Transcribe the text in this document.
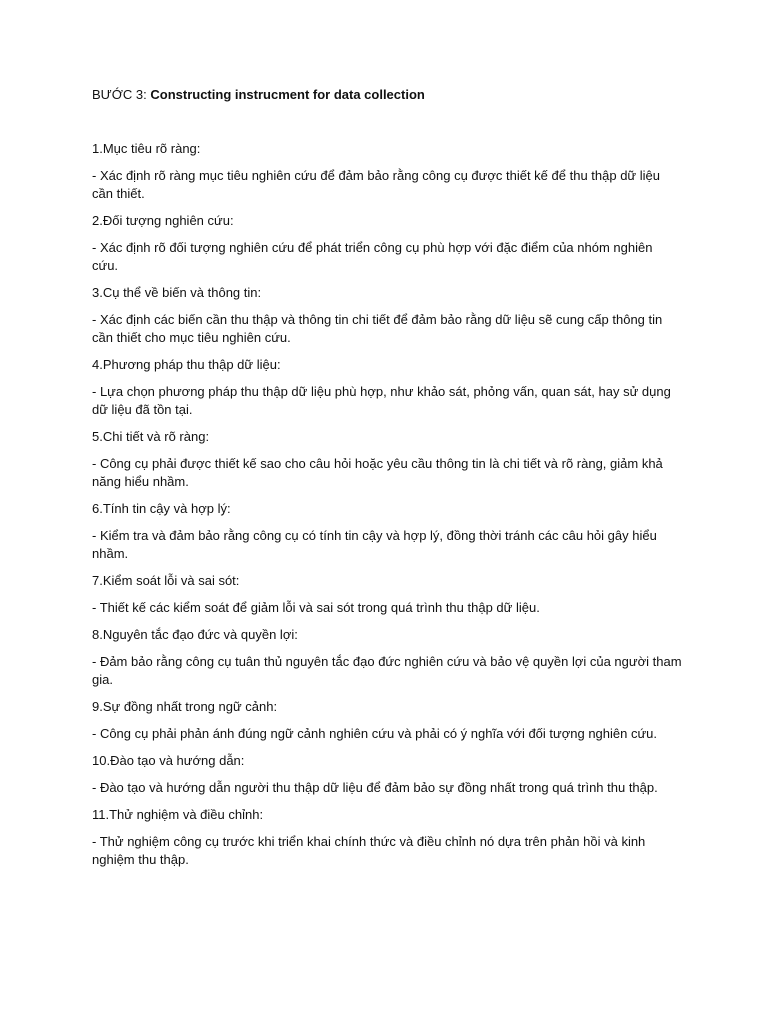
BƯỚC 3: Constructing instrucment for data collection

1.Mục tiêu rõ ràng:

- Xác định rõ ràng mục tiêu nghiên cứu để đảm bảo rằng công cụ được thiết kế để thu thập dữ liệu cần thiết.

2.Đối tượng nghiên cứu:

- Xác định rõ đối tượng nghiên cứu để phát triển công cụ phù hợp với đặc điểm của nhóm nghiên cứu.

3.Cụ thể về biến và thông tin:

- Xác định các biến cần thu thập và thông tin chi tiết để đảm bảo rằng dữ liệu sẽ cung cấp thông tin cần thiết cho mục tiêu nghiên cứu.

4.Phương pháp thu thập dữ liệu:

- Lựa chọn phương pháp thu thập dữ liệu phù hợp, như khảo sát, phỏng vấn, quan sát, hay sử dụng dữ liệu đã tồn tại.

5.Chi tiết và rõ ràng:

- Công cụ phải được thiết kế sao cho câu hỏi hoặc yêu cầu thông tin là chi tiết và rõ ràng, giảm khả năng hiểu nhầm.

6.Tính tin cậy và hợp lý:

- Kiểm tra và đảm bảo rằng công cụ có tính tin cậy và hợp lý, đồng thời tránh các câu hỏi gây hiểu nhầm.

7.Kiểm soát lỗi và sai sót:

- Thiết kế các kiểm soát để giảm lỗi và sai sót trong quá trình thu thập dữ liệu.

8.Nguyên tắc đạo đức và quyền lợi:

- Đảm bảo rằng công cụ tuân thủ nguyên tắc đạo đức nghiên cứu và bảo vệ quyền lợi của người tham gia.

9.Sự đồng nhất trong ngữ cảnh:

- Công cụ phải phản ánh đúng ngữ cảnh nghiên cứu và phải có ý nghĩa với đối tượng nghiên cứu.

10.Đào tạo và hướng dẫn:

- Đào tạo và hướng dẫn người thu thập dữ liệu để đảm bảo sự đồng nhất trong quá trình thu thập.

11.Thử nghiệm và điều chỉnh:

- Thử nghiệm công cụ trước khi triển khai chính thức và điều chỉnh nó dựa trên phản hồi và kinh nghiệm thu thập.
